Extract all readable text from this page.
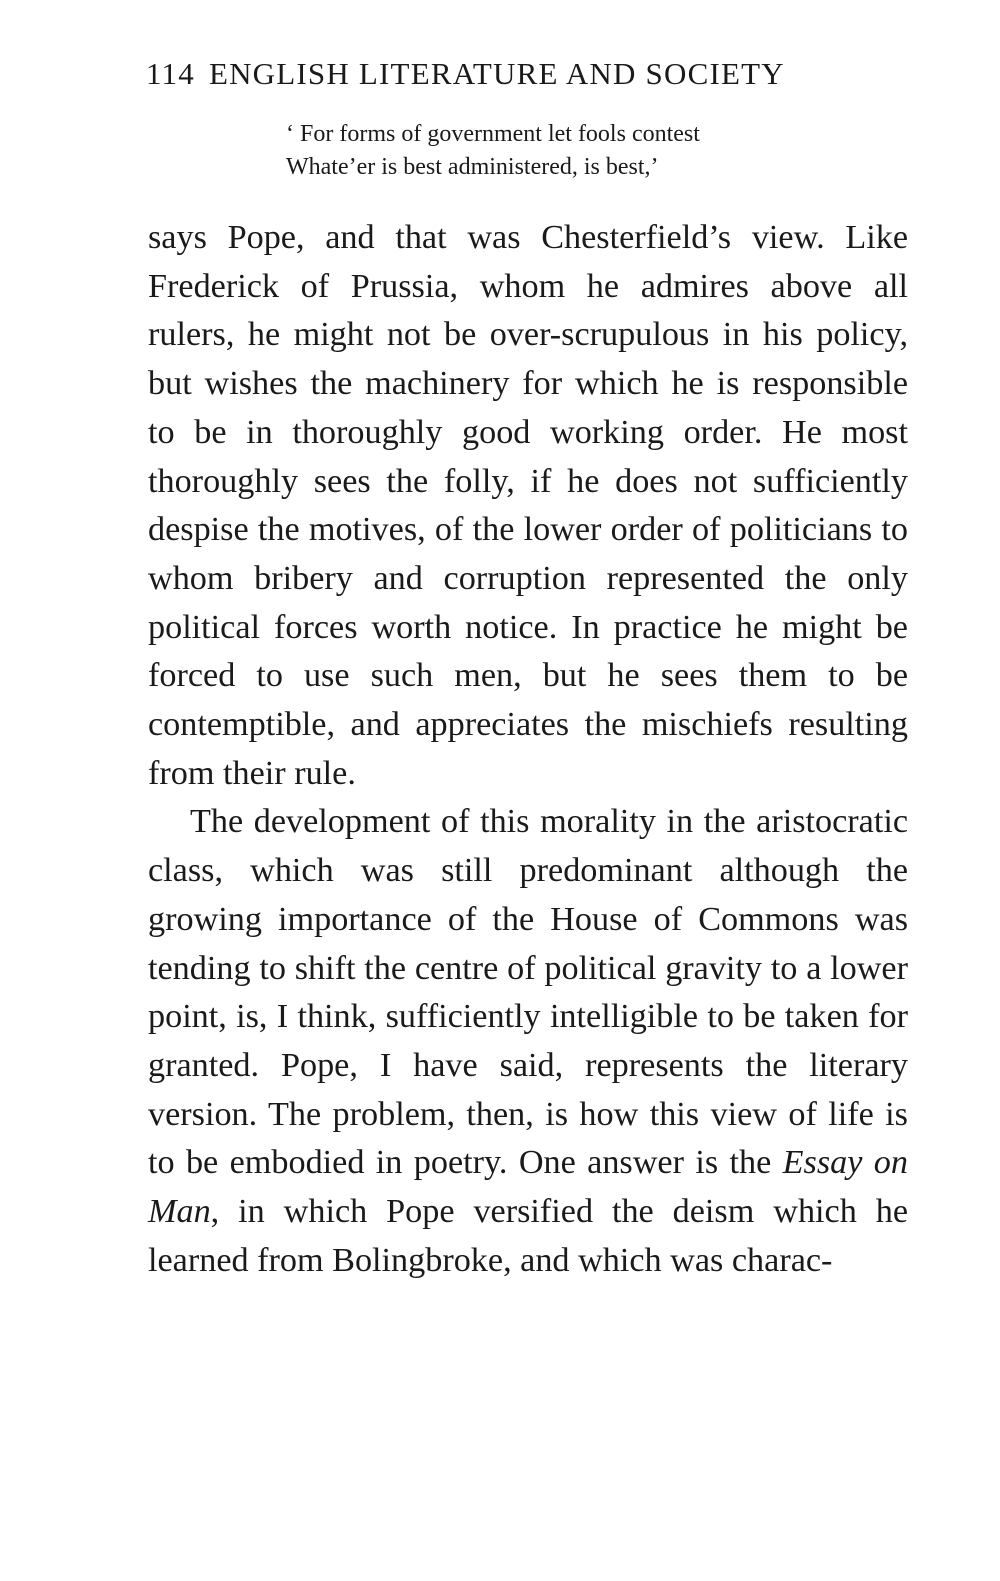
114 ENGLISH LITERATURE AND SOCIETY
‘ For forms of government let fools contest
Whate’er is best administered, is best,’

says Pope, and that was Chesterfield’s view. Like Frederick of Prussia, whom he admires above all rulers, he might not be over-scrupulous in his policy, but wishes the machinery for which he is responsible to be in thoroughly good working order. He most thoroughly sees the folly, if he does not sufficiently despise the motives, of the lower order of politicians to whom bribery and corruption represented the only political forces worth notice. In practice he might be forced to use such men, but he sees them to be contemptible, and appreciates the mischiefs resulting from their rule.

The development of this morality in the aristocratic class, which was still predominant although the growing importance of the House of Commons was tending to shift the centre of political gravity to a lower point, is, I think, sufficiently intelligible to be taken for granted. Pope, I have said, represents the literary version. The problem, then, is how this view of life is to be embodied in poetry. One answer is the Essay on Man, in which Pope versified the deism which he learned from Bolingbroke, and which was charac-
